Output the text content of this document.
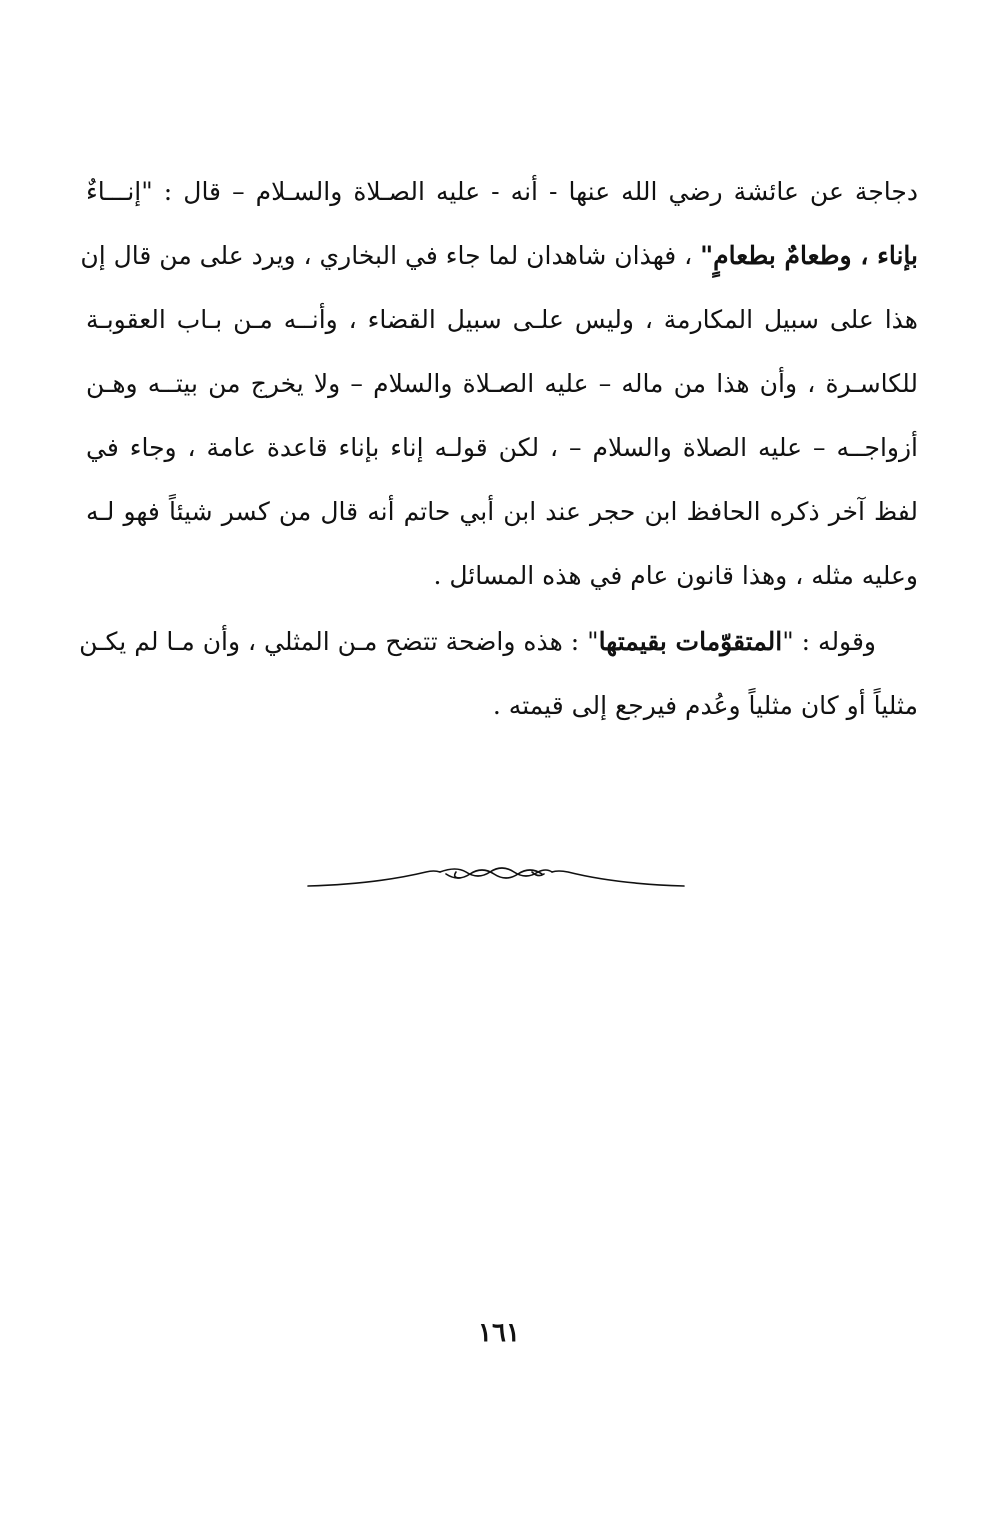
دجاجة عن عائشة رضي الله عنها - أنه - عليه الصـلاة والسـلام – قال : "إنـــاءٌ
بإناء ، وطعامٌ بطعامٍ" ، فهذان شاهدان لما جاء في البخاري ، ويرد على من قال إن
هذا على سبيل المكارمة ، وليس علـى سبيل القضاء ، وأنــه مـن بـاب العقوبـة
للكاسـرة ، وأن هذا من ماله – عليه الصـلاة والسلام – ولا يخرج من بيتــه وهـن
أزواجــه – عليه الصلاة والسلام – ، لكن قولـه إناء بإناء قاعدة عامة ، وجاء في
لفظ آخر ذكره الحافظ ابن حجر عند ابن أبي حاتم أنه قال من كسر شيئاً فهو لـه
وعليه مثله ، وهذا قانون عام في هذه المسائل .
وقوله : "المتقوّمات بقيمتها" : هذه واضحة تتضح مـن المثلي ، وأن مـا لم يكـن
مثلياً أو كان مثلياً وعُدم فيرجع إلى قيمته .
١٦١
